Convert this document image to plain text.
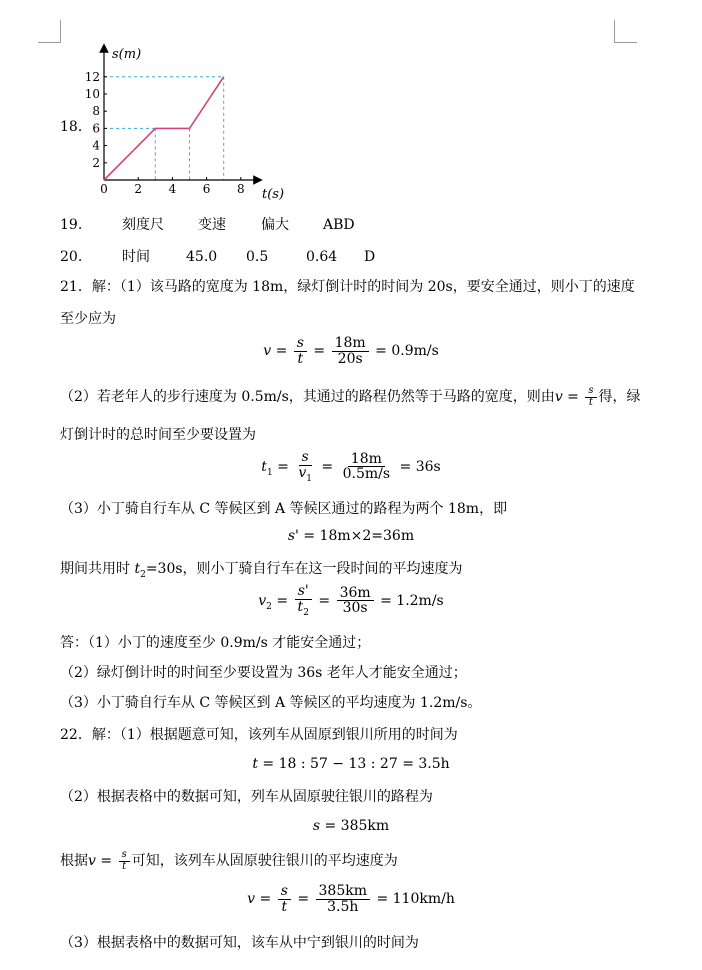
18．
2
4
6
8
10
12
0 2 4 6 8
s(m)
t(s)
19.	刻度尺 变速	偏大 ABD
20.	时间	45.0 0.5	0.64 D
21．解：（1）该马路的宽度为 18m，绿灯倒计时的时间为 20s，要安全通过，则小丁的速度
至少应为
$v = \frac{s}{t} = \frac{18m}{20s} = 0.9m/s$
（2）若老年人的步行速度为 0.5m/s，其通过的路程仍然等于马路的宽度，则由$v = \frac{s}{t}$ 得，绿
灯倒计时的总时间至少要设置为
$t_1 = \frac{s}{v_1} = \frac{18m}{0.5m/s} = 36s$
（3）小丁骑自行车从 C 等候区到 A 等候区通过的路程为两个 18m，即
s' = 18m×2=36m
期间共用时 $t_2=30s$，则小丁骑自行车在这一段时间的平均速度为
$v_2 = \frac{s'}{t_2} = \frac{36m}{30s} = 1.2m/s$
答：（1）小丁的速度至少 0.9m/s 才能安全通过；
（2）绿灯倒计时的时间至少要设置为 36s 老年人才能安全通过；
（3）小丁骑自行车从 C 等候区到 A 等候区的平均速度为 1.2m/s。
22．解：（1）根据题意可知，该列车从固原到银川所用的时间为
t = 18 : 57 − 13 : 27 = 3.5h
（2）根据表格中的数据可知，列车从固原驶往银川的路程为
s = 385km
根据$v = \frac{s}{t}$ 可知，该列车从固原驶往银川的平均速度为
$v = \frac{s}{t} = \frac{385km}{3.5h} = 110km/h$
（3）根据表格中的数据可知，该车从中宁到银川的时间为
